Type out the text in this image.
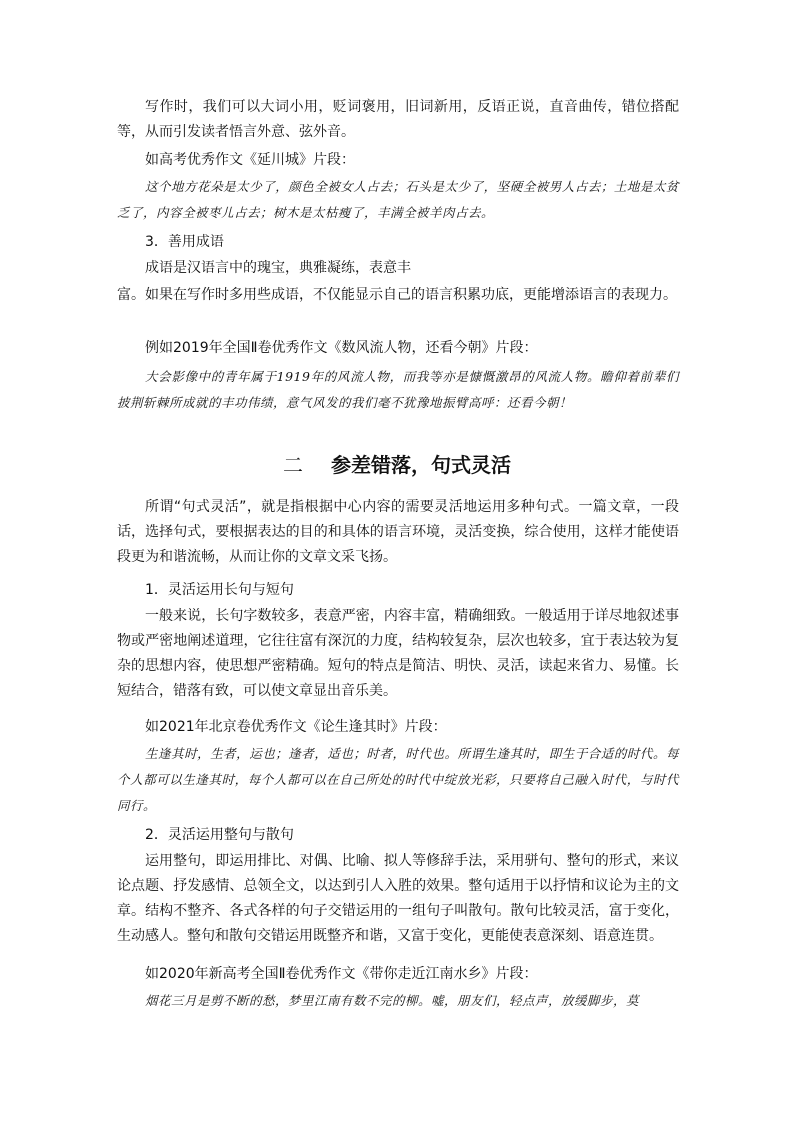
写作时，我们可以大词小用，贬词褒用，旧词新用，反语正说，直音曲传，错位搭配等，从而引发读者悟言外意、弦外音。

如高考优秀作文《延川城》片段：

这个地方花朵是太少了，颜色全被女人占去；石头是太少了，坚硬全被男人占去；土地是太贫乏了，内容全被枣儿占去；树木是太枯瘦了，丰满全被羊肉占去。

3．善用成语

成语是汉语言中的瑰宝，典雅凝练，表意丰

富。如果在写作时多用些成语，不仅能显示自己的语言积累功底，更能增添语言的表现力。

例如2019年全国Ⅱ卷优秀作文《数风流人物，还看今朝》片段：

大会影像中的青年属于1919年的风流人物，而我等亦是慷慨激昂的风流人物。瞻仰着前辈们披荆斩棘所成就的丰功伟绩，意气风发的我们毫不犹豫地振臂高呼：还看今朝！

二 参差错落，句式灵活

所谓“句式灵活”，就是指根据中心内容的需要灵活地运用多种句式。一篇文章，一段话，选择句式，要根据表达的目的和具体的语言环境，灵活变换，综合使用，这样才能使语段更为和谐流畅，从而让你的文章文采飞扬。

1．灵活运用长句与短句

一般来说，长句字数较多，表意严密，内容丰富，精确细致。一般适用于详尽地叙述事物或严密地阐述道理，它往往富有深沉的力度，结构较复杂，层次也较多，宜于表达较为复杂的思想内容，使思想严密精确。短句的特点是简洁、明快、灵活，读起来省力、易懂。长短结合，错落有致，可以使文章显出音乐美。

如2021年北京卷优秀作文《论生逢其时》片段：

生逢其时，生者，运也；逢者，适也；时者，时代也。所谓生逢其时，即生于合适的时代。每个人都可以生逢其时，每个人都可以在自己所处的时代中绽放光彩，只要将自己融入时代，与时代同行。

2．灵活运用整句与散句

运用整句，即运用排比、对偶、比喻、拟人等修辞手法，采用骈句、整句的形式，来议论点题、抒发感情、总领全文，以达到引人入胜的效果。整句适用于以抒情和议论为主的文章。结构不整齐、各式各样的句子交错运用的一组句子叫散句。散句比较灵活，富于变化，生动感人。整句和散句交错运用既整齐和谐，又富于变化，更能使表意深刻、语意连贯。

如2020年新高考全国Ⅱ卷优秀作文《带你走近江南水乡》片段：

烟花三月是剪不断的愁，梦里江南有数不完的柳。嘘，朋友们，轻点声，放缓脚步，莫
